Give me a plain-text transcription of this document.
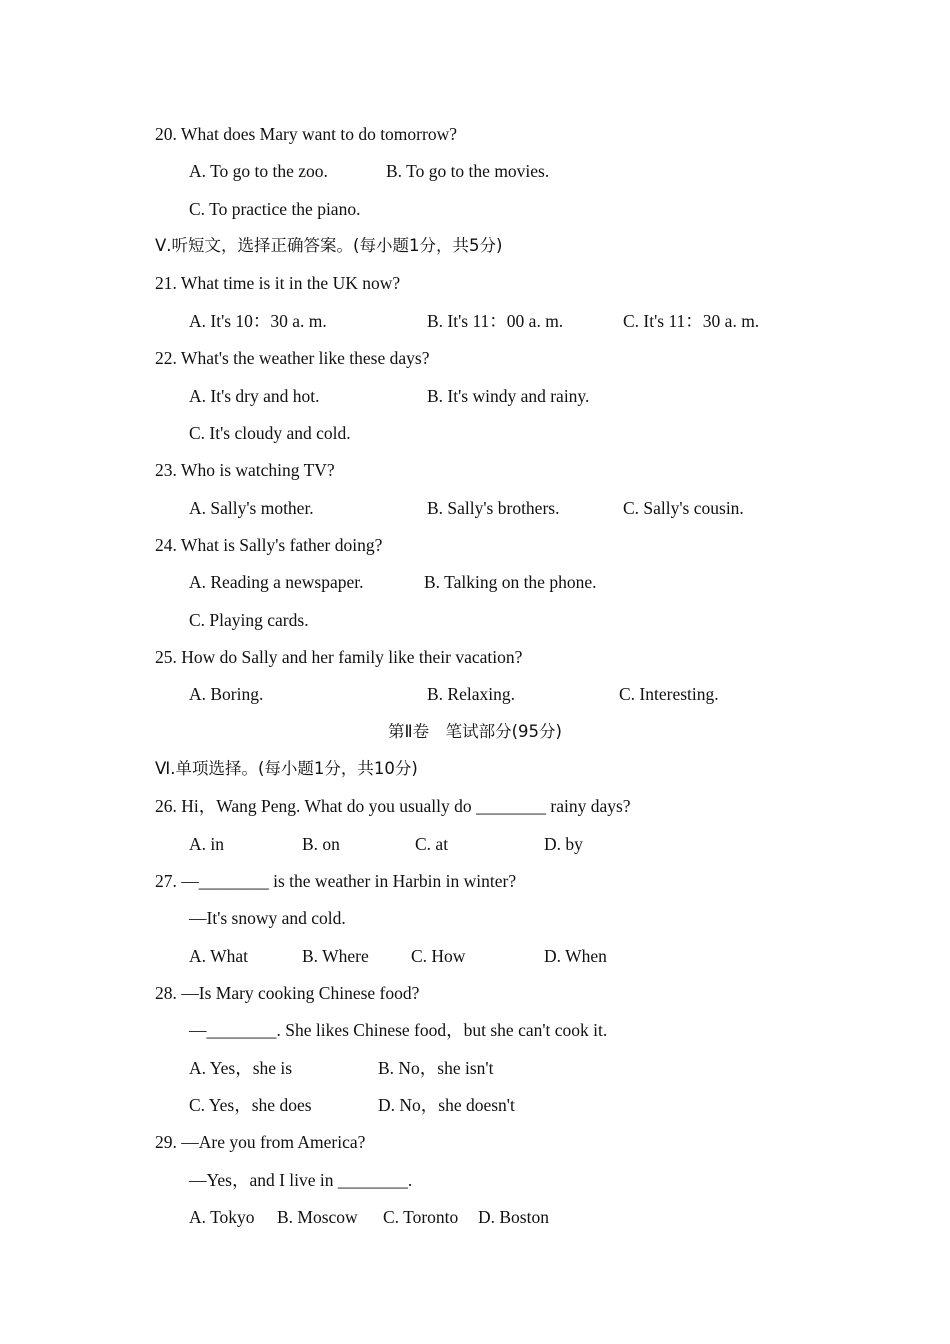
20. What does Mary want to do tomorrow?
A. To go to the zoo.	B. To go to the movies.
C. To practice the piano.
Ⅴ.听短文，选择正确答案。(每小题1分，共5分)
21. What time is it in the UK now?
A. It's 10：30 a. m.	B. It's 11：00 a. m.	C. It's 11：30 a. m.
22. What's the weather like these days?
A. It's dry and hot.	B. It's windy and rainy.
C. It's cloudy and cold.
23. Who is watching TV?
A. Sally's mother.	B. Sally's brothers.	C. Sally's cousin.
24. What is Sally's father doing?
A. Reading a newspaper.	B. Talking on the phone.
C. Playing cards.
25. How do Sally and her family like their vacation?
A. Boring.	B. Relaxing.	C. Interesting.
第Ⅱ卷　笔试部分(95分)
Ⅵ.单项选择。(每小题1分，共10分)
26. Hi，Wang Peng. What do you usually do ________ rainy days?
A. in	B. on	C. at	D. by
27. —________ is the weather in Harbin in winter?
—It's snowy and cold.
A. What	B. Where C. How	D. When
28. —Is Mary cooking Chinese food?
—________. She likes Chinese food，but she can't cook it.
A. Yes，she is	B. No，she isn't
C. Yes，she does	D. No，she doesn't
29. —Are you from America?
—Yes，and I live in ________.
A. Tokyo B. Moscow C. Toronto D. Boston
